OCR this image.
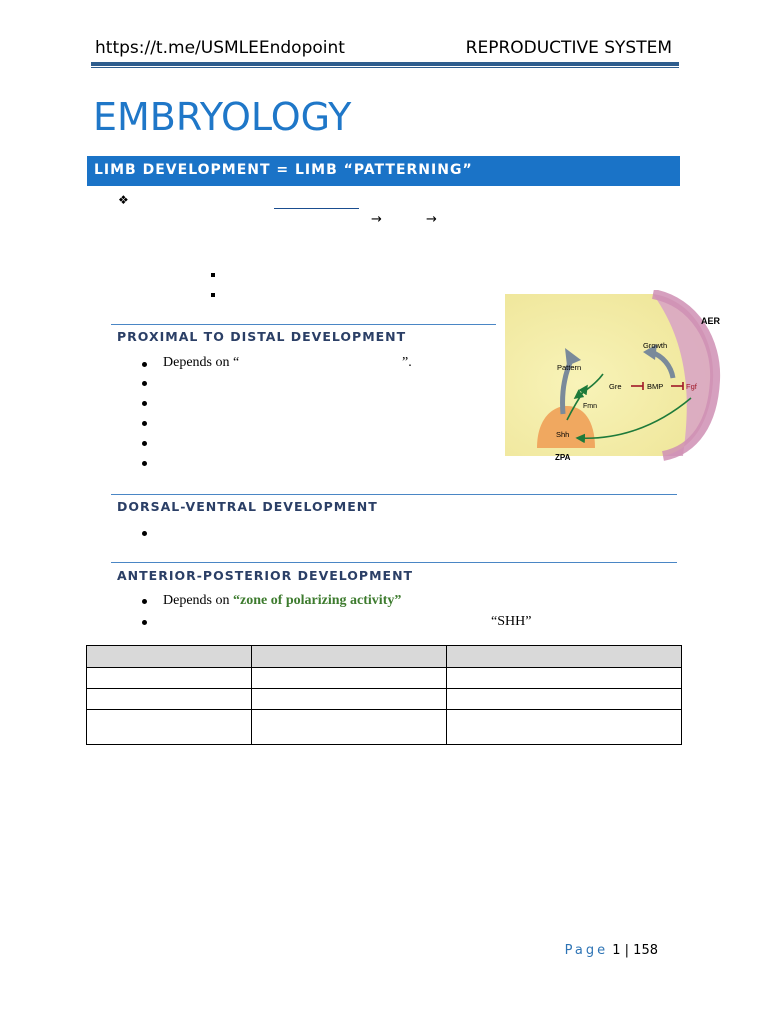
https://t.me/USMLEEndopoint	REPRODUCTIVE SYSTEM
EMBRYOLOGY
LIMB DEVELOPMENT = LIMB “PATTERNING”
❖
→	→
PROXIMAL TO DISTAL DEVELOPMENT
Depends on “	”.
AER
ZPA
Growth
Pattern
Gre	BMP	Fgf
Fmn
Shh
DORSAL-VENTRAL DEVELOPMENT
ANTERIOR-POSTERIOR DEVELOPMENT
Depends on “zone of polarizing activity”
“SHH”

Page 1 | 158
